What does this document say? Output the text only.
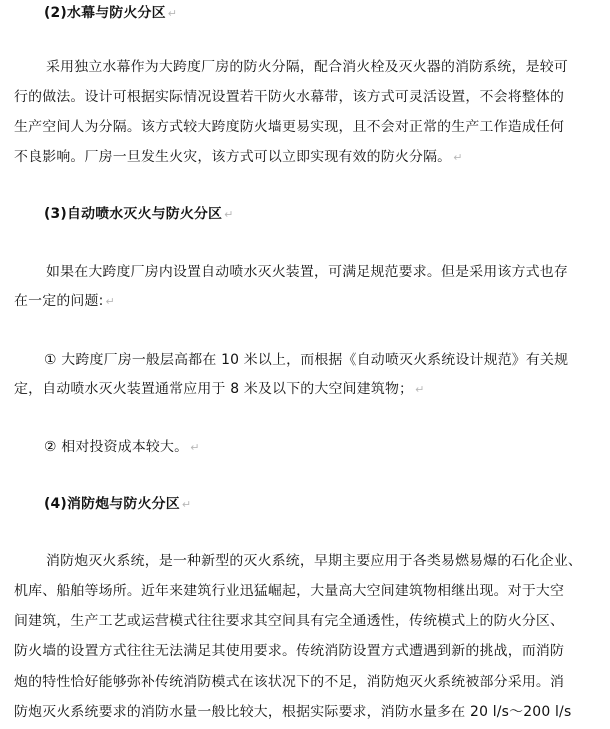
(2)水幕与防火分区 ↵
采用独立水幕作为大跨度厂房的防火分隔，配合消火栓及灭火器的消防系统，是较可
行的做法。设计可根据实际情况设置若干防火水幕带，该方式可灵活设置，不会将整体的
生产空间人为分隔。该方式较大跨度防火墙更易实现，且不会对正常的生产工作造成任何
不良影响。厂房一旦发生火灾，该方式可以立即实现有效的防火分隔。 ↵
(3)自动喷水灭火与防火分区 ↵
如果在大跨度厂房内设置自动喷水灭火装置，可满足规范要求。但是采用该方式也存
在一定的问题: ↵
① 大跨度厂房一般层高都在 10 米以上，而根据《自动喷灭火系统设计规范》有关规
定，自动喷水灭火装置通常应用于 8 米及以下的大空间建筑物； ↵
② 相对投资成本较大。 ↵
(4)消防炮与防火分区 ↵
消防炮灭火系统，是一种新型的灭火系统，早期主要应用于各类易燃易爆的石化企业、
机库、船舶等场所。近年来建筑行业迅猛崛起，大量高大空间建筑物相继出现。对于大空
间建筑，生产工艺或运营模式往往要求其空间具有完全通透性，传统模式上的防火分区、
防火墙的设置方式往往无法满足其使用要求。传统消防设置方式遭遇到新的挑战，而消防
炮的特性恰好能够弥补传统消防模式在该状况下的不足，消防炮灭火系统被部分采用。消
防炮灭火系统要求的消防水量一般比较大，根据实际要求，消防水量多在 20 l/s～200 l/s
